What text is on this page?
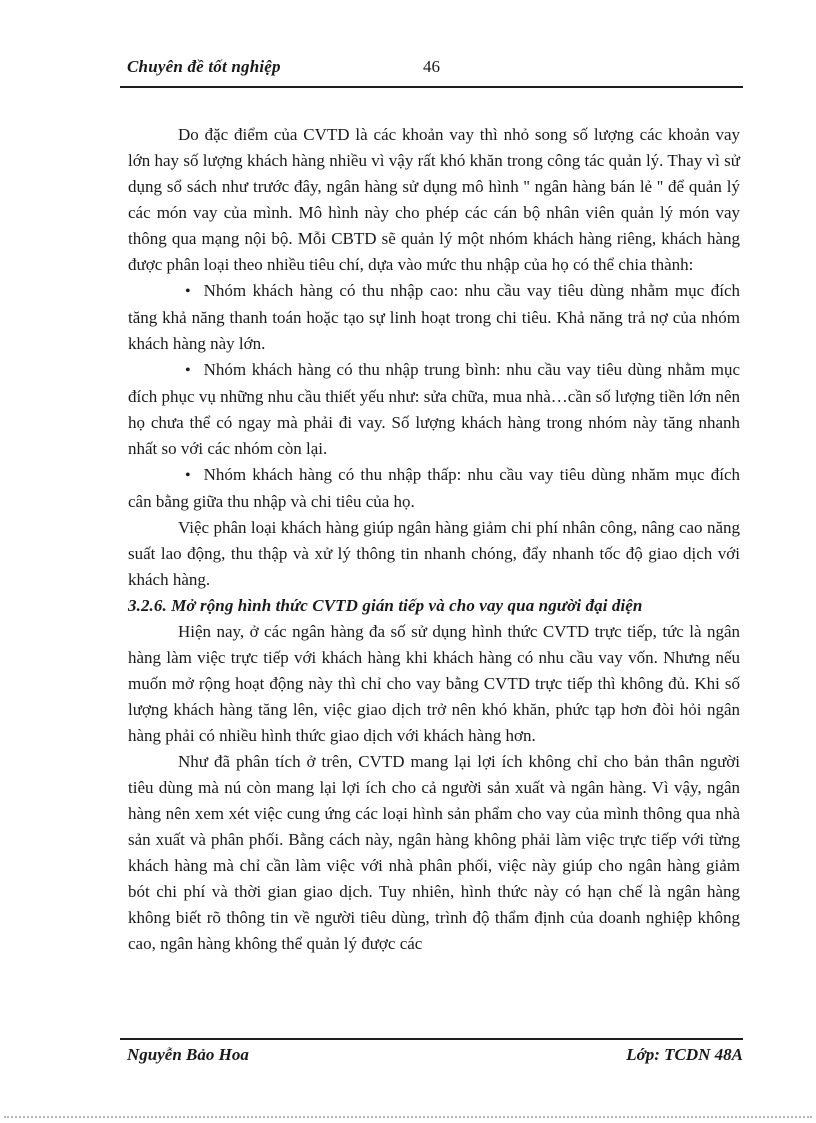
Chuyên đề tốt nghiệp	46

Do đặc điểm của CVTD là các khoản vay thì nhỏ song số lượng các khoản vay lớn hay số lượng khách hàng nhiều vì vậy rất khó khăn trong công tác quản lý. Thay vì sử dụng sổ sách như trước đây, ngân hàng sử dụng mô hình '' ngân hàng bán lẻ '' để quản lý các món vay của mình. Mô hình này cho phép các cán bộ nhân viên quản lý món vay thông qua mạng nội bộ. Mỗi CBTD sẽ quản lý một nhóm khách hàng riêng, khách hàng được phân loại theo nhiều tiêu chí, dựa vào mức thu nhập của họ có thể chia thành:

• Nhóm khách hàng có thu nhập cao: nhu cầu vay tiêu dùng nhằm mục đích tăng khả năng thanh toán hoặc tạo sự linh hoạt trong chi tiêu. Khả năng trả nợ của nhóm khách hàng này lớn.

• Nhóm khách hàng có thu nhập trung bình: nhu cầu vay tiêu dùng nhằm mục đích phục vụ những nhu cầu thiết yếu như: sửa chữa, mua nhà…cần số lượng tiền lớn nên họ chưa thể có ngay mà phải đi vay. Số lượng khách hàng trong nhóm này tăng nhanh nhất so với các nhóm còn lại.

• Nhóm khách hàng có thu nhập thấp: nhu cầu vay tiêu dùng nhăm mục đích cân bằng giữa thu nhập và chi tiêu của họ.

Việc phân loại khách hàng giúp ngân hàng giảm chi phí nhân công, nâng cao năng suất lao động, thu thập và xử lý thông tin nhanh chóng, đẩy nhanh tốc độ giao dịch với khách hàng.

3.2.6. Mở rộng hình thức CVTD gián tiếp và cho vay qua người đại diện

Hiện nay, ở các ngân hàng đa số sử dụng hình thức CVTD trực tiếp, tức là ngân hàng làm việc trực tiếp với khách hàng khi khách hàng có nhu cầu vay vốn. Nhưng nếu muốn mở rộng hoạt động này thì chỉ cho vay bằng CVTD trực tiếp thì không đủ. Khi số lượng khách hàng tăng lên, việc giao dịch trở nên khó khăn, phức tạp hơn đòi hỏi ngân hàng phải có nhiều hình thức giao dịch với khách hàng hơn.

Như đã phân tích ở trên, CVTD mang lại lợi ích không chỉ cho bản thân người tiêu dùng mà nú còn mang lại lợi ích cho cả người sản xuất và ngân hàng. Vì vậy, ngân hàng nên xem xét việc cung ứng các loại hình sản phẩm cho vay của mình thông qua nhà sản xuất và phân phối. Bằng cách này, ngân hàng không phải làm việc trực tiếp với từng khách hàng mà chỉ cần làm việc với nhà phân phối, việc này giúp cho ngân hàng giảm bót chi phí và thời gian giao dịch. Tuy nhiên, hình thức này có hạn chế là ngân hàng không biết rõ thông tin về người tiêu dùng, trình độ thẩm định của doanh nghiệp không cao, ngân hàng không thể quản lý được các

Nguyễn Bảo Hoa	Lớp: TCDN 48A
